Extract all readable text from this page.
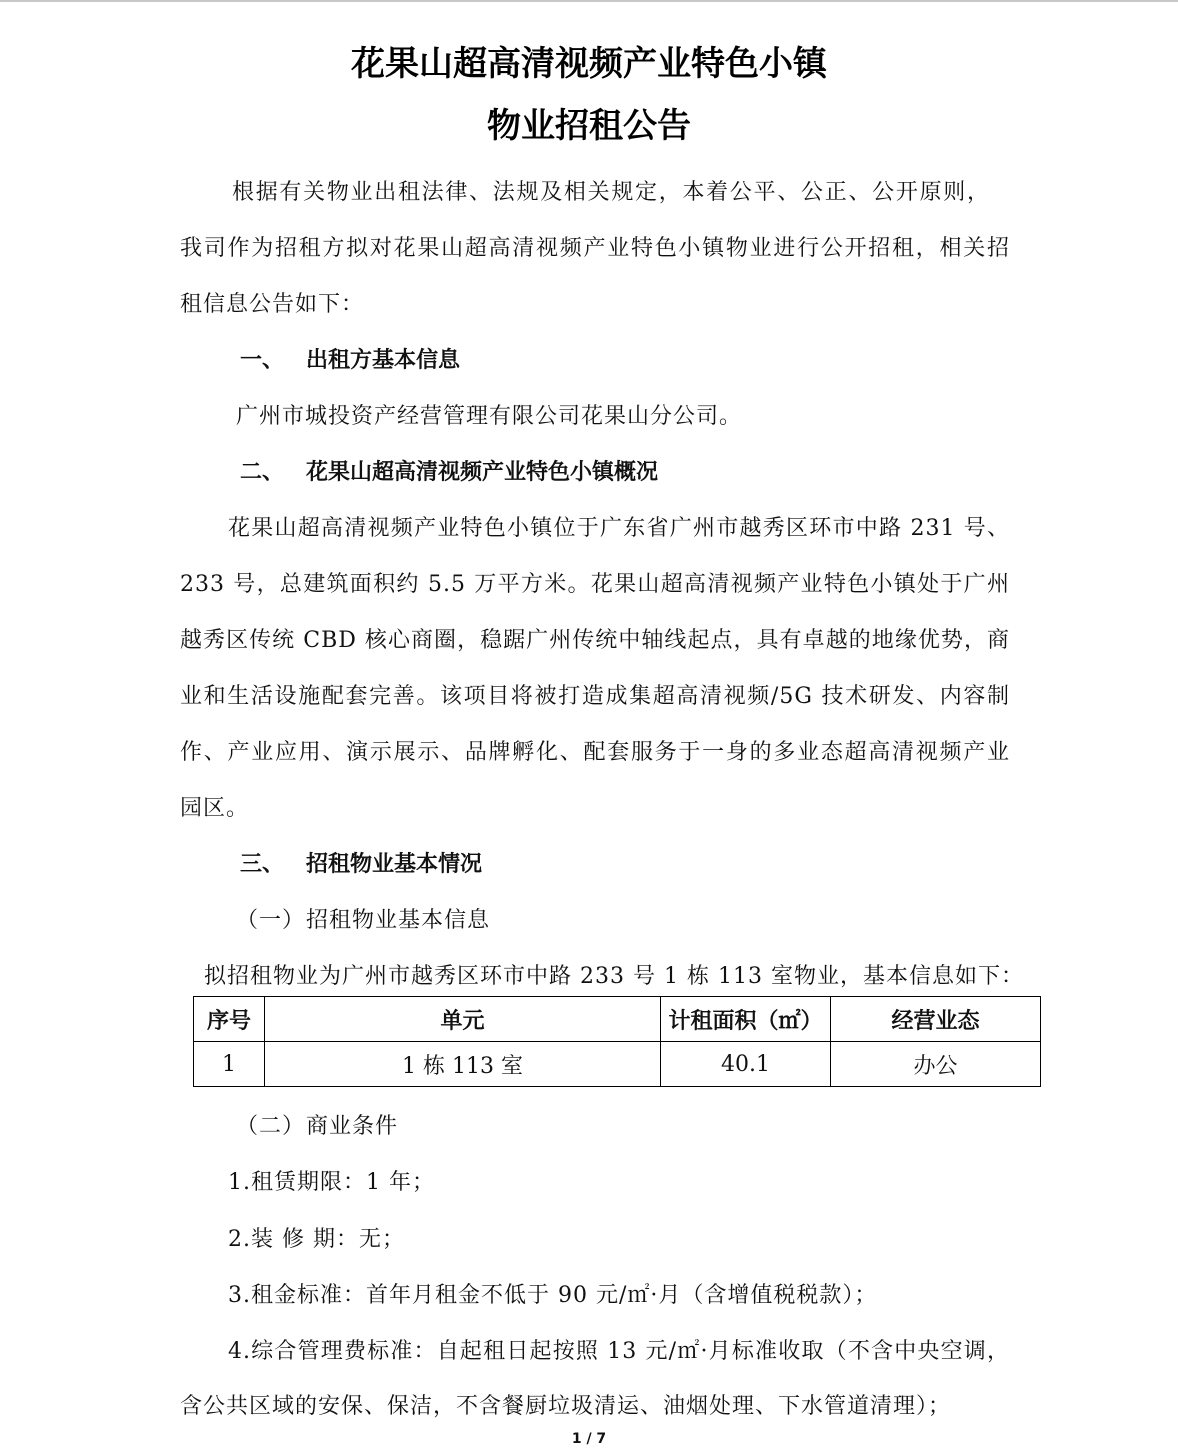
花果山超高清视频产业特色小镇
物业招租公告
根据有关物业出租法律、法规及相关规定，本着公平、公正、公开原则，
我司作为招租方拟对花果山超高清视频产业特色小镇物业进行公开招租，相关招
租信息公告如下：
一、 出租方基本信息
广州市城投资产经营管理有限公司花果山分公司。
二、 花果山超高清视频产业特色小镇概况
花果山超高清视频产业特色小镇位于广东省广州市越秀区环市中路 231 号、
233 号，总建筑面积约 5.5 万平方米。花果山超高清视频产业特色小镇处于广州
越秀区传统 CBD 核心商圈，稳踞广州传统中轴线起点，具有卓越的地缘优势，商
业和生活设施配套完善。该项目将被打造成集超高清视频/5G 技术研发、内容制
作、产业应用、演示展示、品牌孵化、配套服务于一身的多业态超高清视频产业
园区。
三、 招租物业基本情况
（一）招租物业基本信息
拟招租物业为广州市越秀区环市中路 233 号 1 栋 113 室物业，基本信息如下：
序号	单元	计租面积（㎡）	经营业态
1	1 栋 113 室	40.1	办公
（二）商业条件
1.租赁期限：1 年；
2.装 修 期：无；
3.租金标准：首年月租金不低于 90 元/㎡·月（含增值税税款）；
4.综合管理费标准：自起租日起按照 13 元/㎡·月标准收取（不含中央空调，
含公共区域的安保、保洁，不含餐厨垃圾清运、油烟处理、下水管道清理）；
1 / 7
